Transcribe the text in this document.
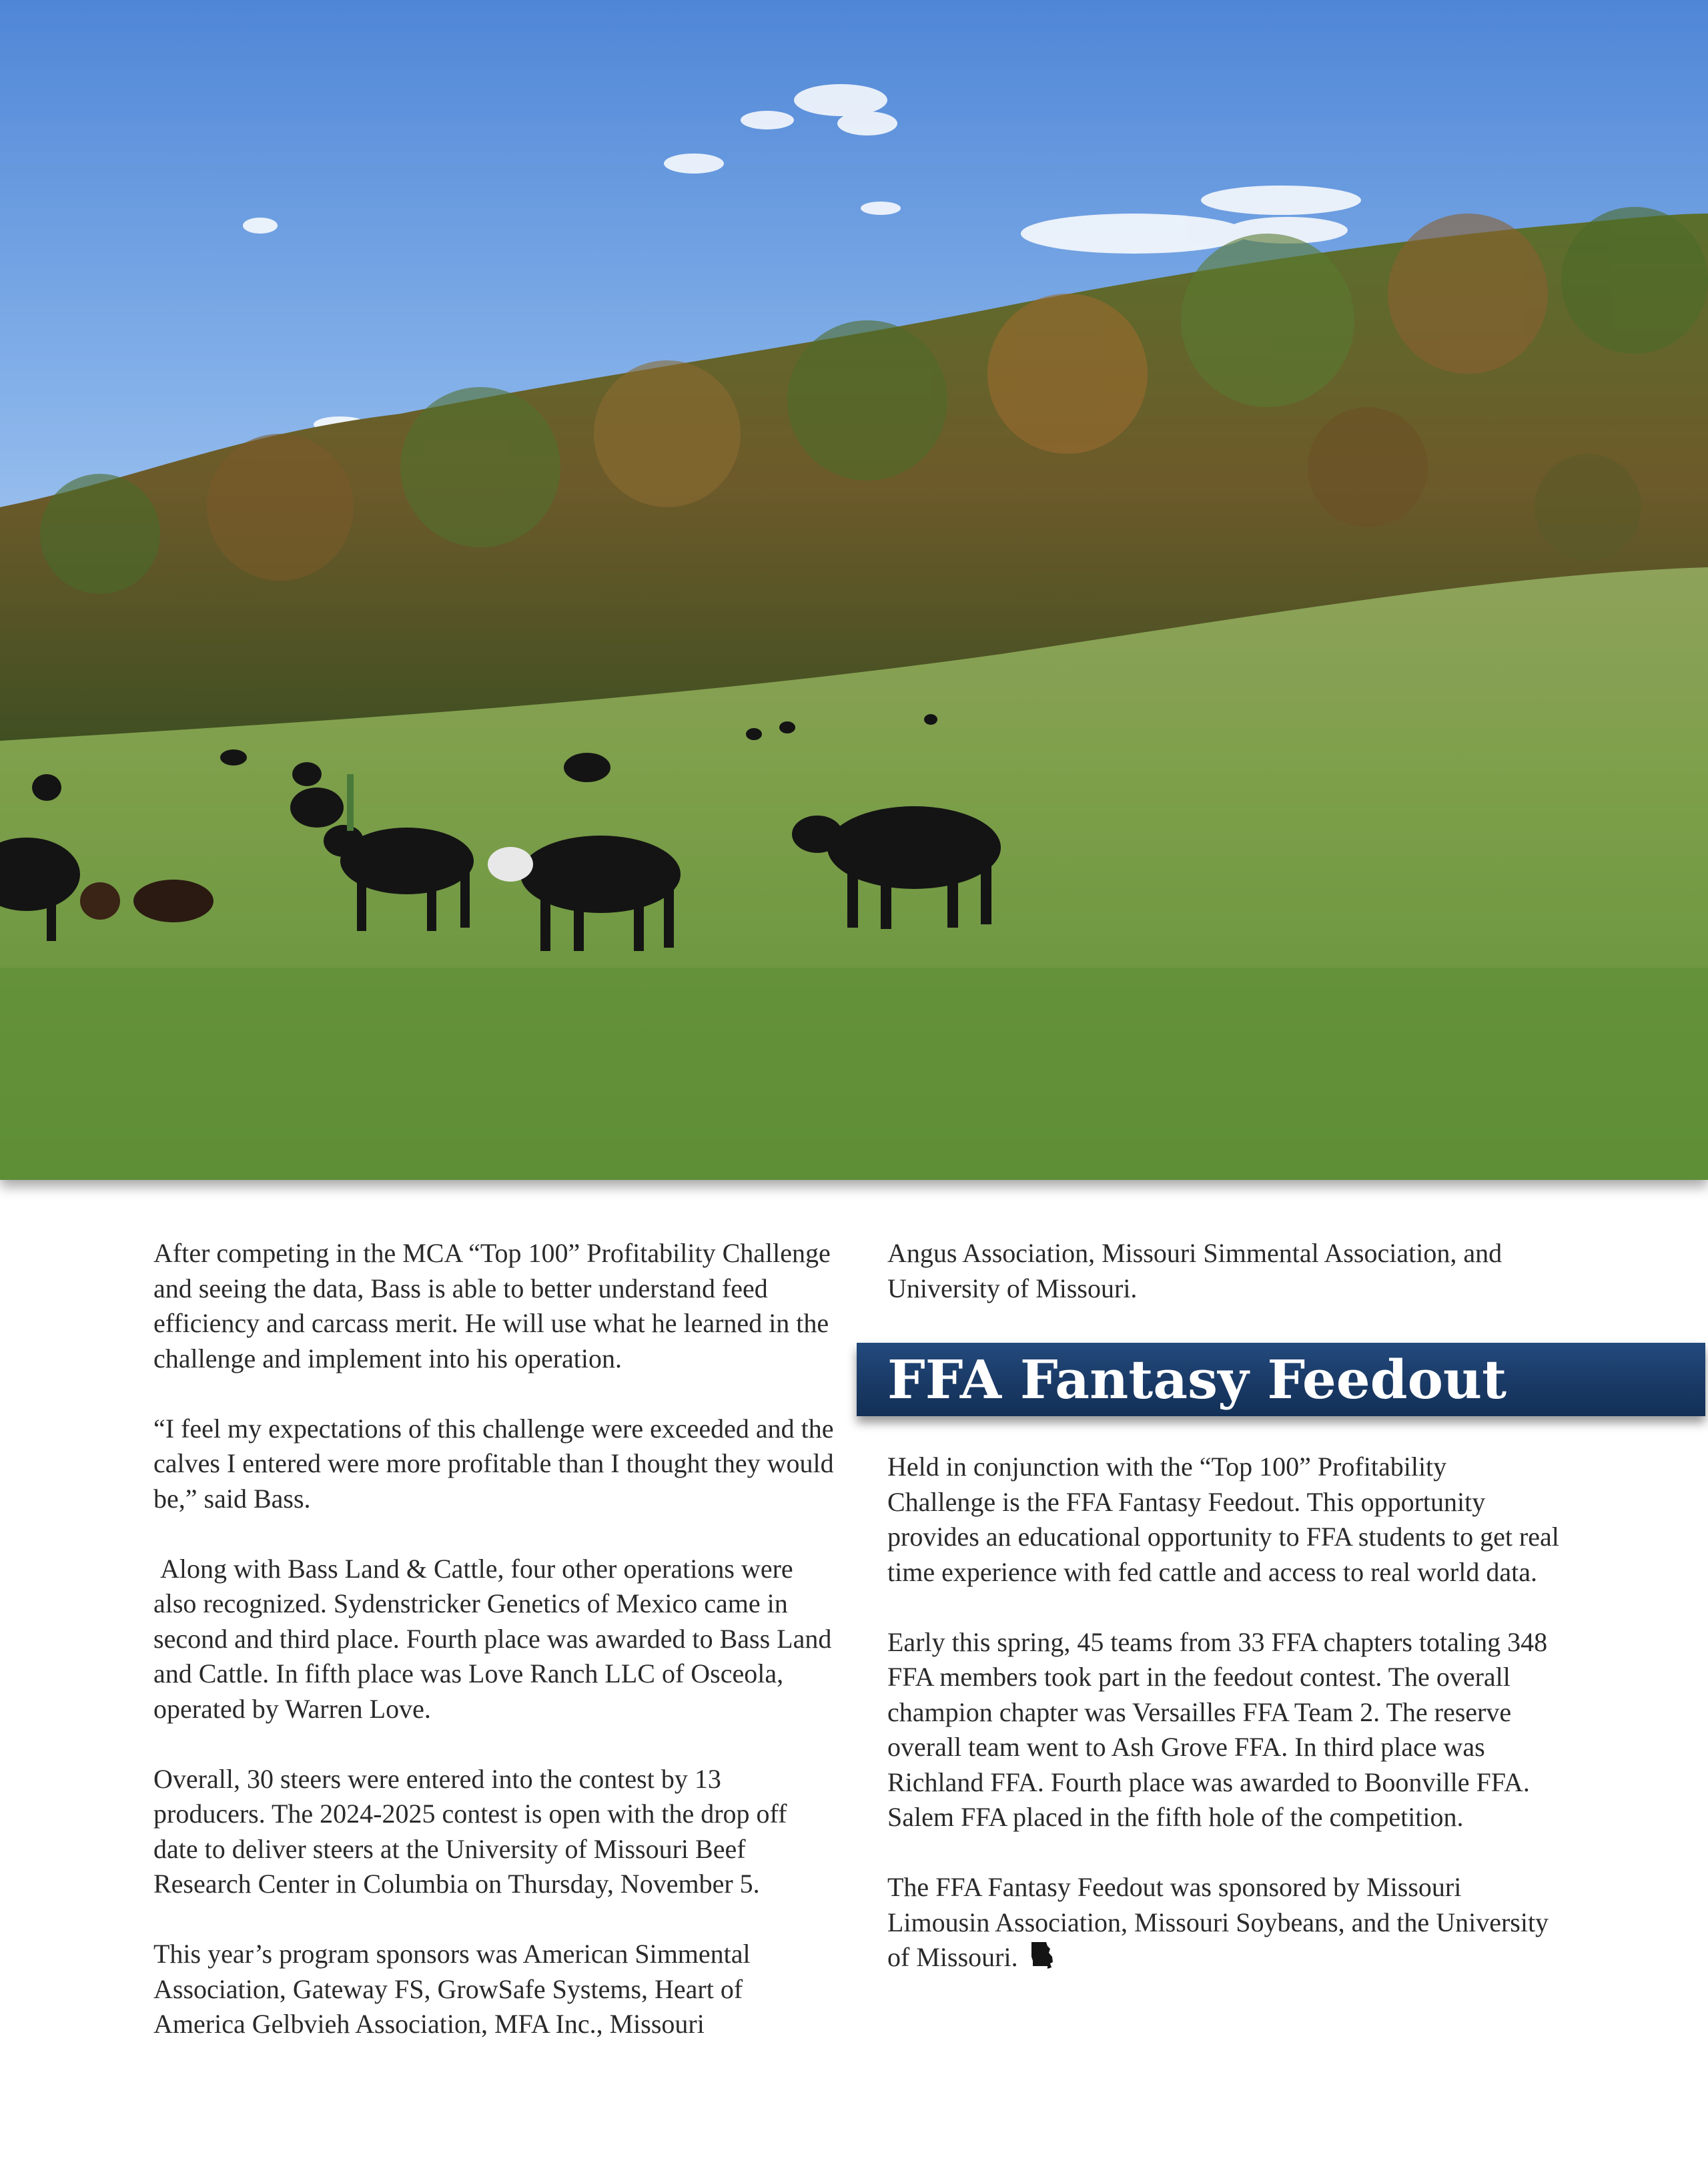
After competing in the MCA “Top 100” Profitability Challenge and seeing the data, Bass is able to better understand feed efficiency and carcass merit. He will use what he learned in the challenge and implement into his operation.

“I feel my expectations of this challenge were exceeded and the calves I entered were more profitable than I thought they would be,” said Bass.

Along with Bass Land & Cattle, four other operations were also recognized. Sydenstricker Genetics of Mexico came in second and third place. Fourth place was awarded to Bass Land and Cattle. In fifth place was Love Ranch LLC of Osceola, operated by Warren Love.

Overall, 30 steers were entered into the contest by 13 producers. The 2024-2025 contest is open with the drop off date to deliver steers at the University of Missouri Beef Research Center in Columbia on Thursday, November 5.

This year’s program sponsors was American Simmental Association, Gateway FS, GrowSafe Systems, Heart of America Gelbvieh Association, MFA Inc., Missouri

Angus Association, Missouri Simmental Association, and University of Missouri.

FFA Fantasy Feedout

Held in conjunction with the “Top 100” Profitability Challenge is the FFA Fantasy Feedout. This opportunity provides an educational opportunity to FFA students to get real time experience with fed cattle and access to real world data.

Early this spring, 45 teams from 33 FFA chapters totaling 348 FFA members took part in the feedout contest. The overall champion chapter was Versailles FFA Team 2. The reserve overall team went to Ash Grove FFA. In third place was Richland FFA. Fourth place was awarded to Boonville FFA. Salem FFA placed in the fifth hole of the competition.

The FFA Fantasy Feedout was sponsored by Missouri Limousin Association, Missouri Soybeans, and the University of Missouri.
